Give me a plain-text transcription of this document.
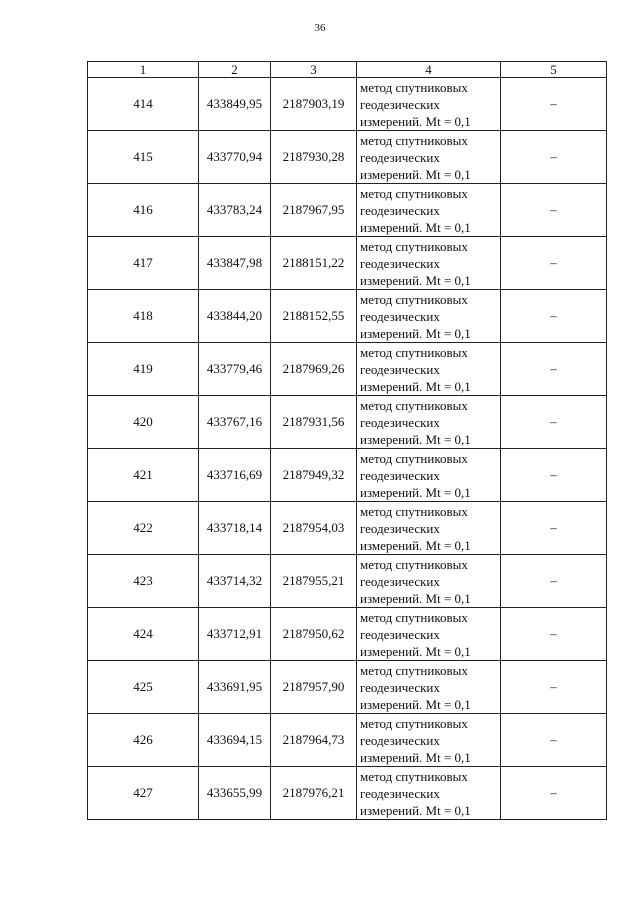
36
1	2	3	4	5
414	433849,95	2187903,19	метод спутниковых
геодезических
измерений. Mt = 0,1	–
415	433770,94	2187930,28	метод спутниковых
геодезических
измерений. Mt = 0,1	–
416	433783,24	2187967,95	метод спутниковых
геодезических
измерений. Mt = 0,1	–
417	433847,98	2188151,22	метод спутниковых
геодезических
измерений. Mt = 0,1	–
418	433844,20	2188152,55	метод спутниковых
геодезических
измерений. Mt = 0,1	–
419	433779,46	2187969,26	метод спутниковых
геодезических
измерений. Mt = 0,1	–
420	433767,16	2187931,56	метод спутниковых
геодезических
измерений. Mt = 0,1	–
421	433716,69	2187949,32	метод спутниковых
геодезических
измерений. Mt = 0,1	–
422	433718,14	2187954,03	метод спутниковых
геодезических
измерений. Mt = 0,1	–
423	433714,32	2187955,21	метод спутниковых
геодезических
измерений. Mt = 0,1	–
424	433712,91	2187950,62	метод спутниковых
геодезических
измерений. Mt = 0,1	–
425	433691,95	2187957,90	метод спутниковых
геодезических
измерений. Mt = 0,1	–
426	433694,15	2187964,73	метод спутниковых
геодезических
измерений. Mt = 0,1	–
427	433655,99	2187976,21	метод спутниковых
геодезических
измерений. Mt = 0,1	–
